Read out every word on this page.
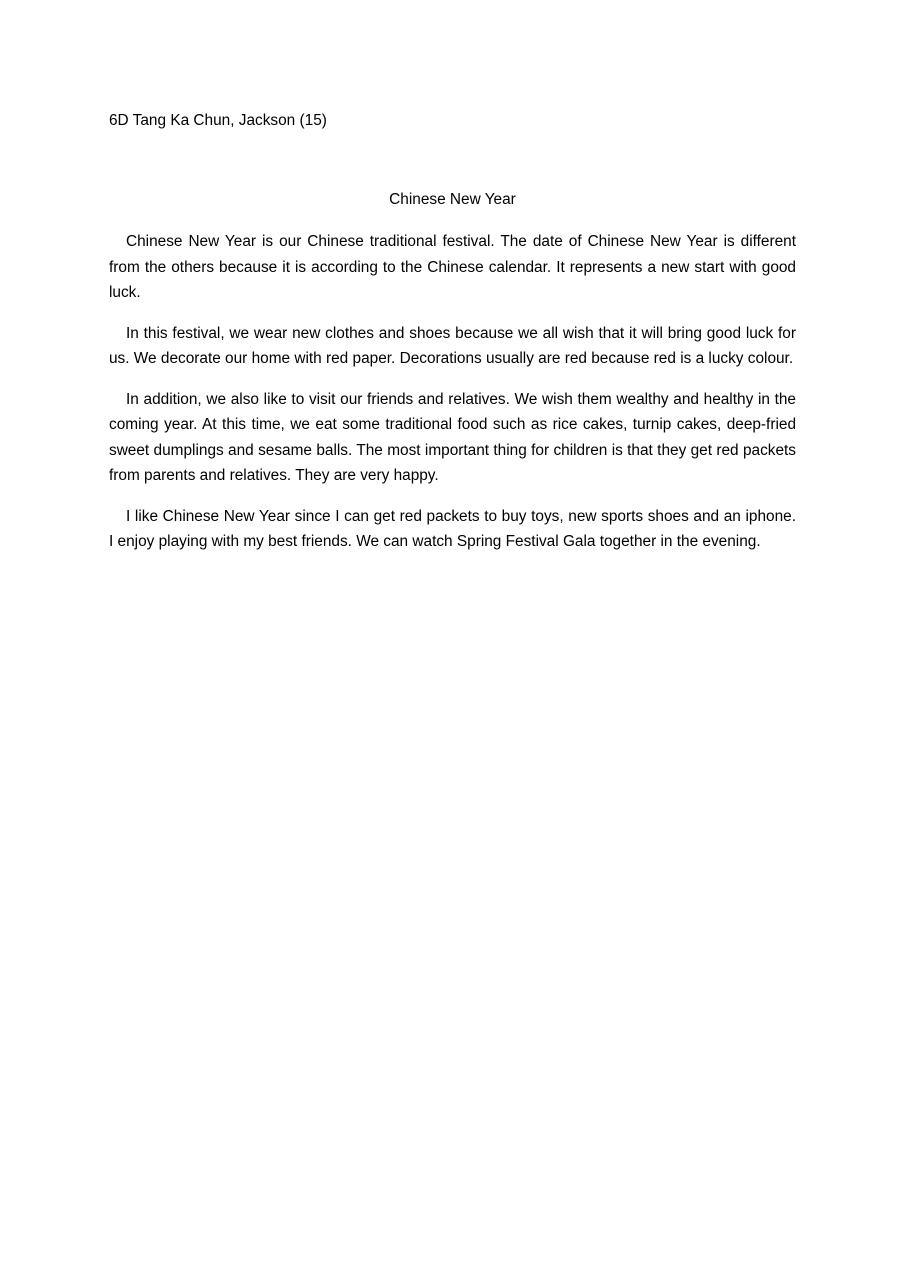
6D Tang Ka Chun, Jackson (15)
Chinese New Year

Chinese New Year is our Chinese traditional festival. The date of Chinese New Year is different from the others because it is according to the Chinese calendar. It represents a new start with good luck.

In this festival, we wear new clothes and shoes because we all wish that it will bring good luck for us. We decorate our home with red paper. Decorations usually are red because red is a lucky colour.

In addition, we also like to visit our friends and relatives. We wish them wealthy and healthy in the coming year. At this time, we eat some traditional food such as rice cakes, turnip cakes, deep-fried sweet dumplings and sesame balls. The most important thing for children is that they get red packets from parents and relatives. They are very happy.

I like Chinese New Year since I can get red packets to buy toys, new sports shoes and an iphone. I enjoy playing with my best friends. We can watch Spring Festival Gala together in the evening.
